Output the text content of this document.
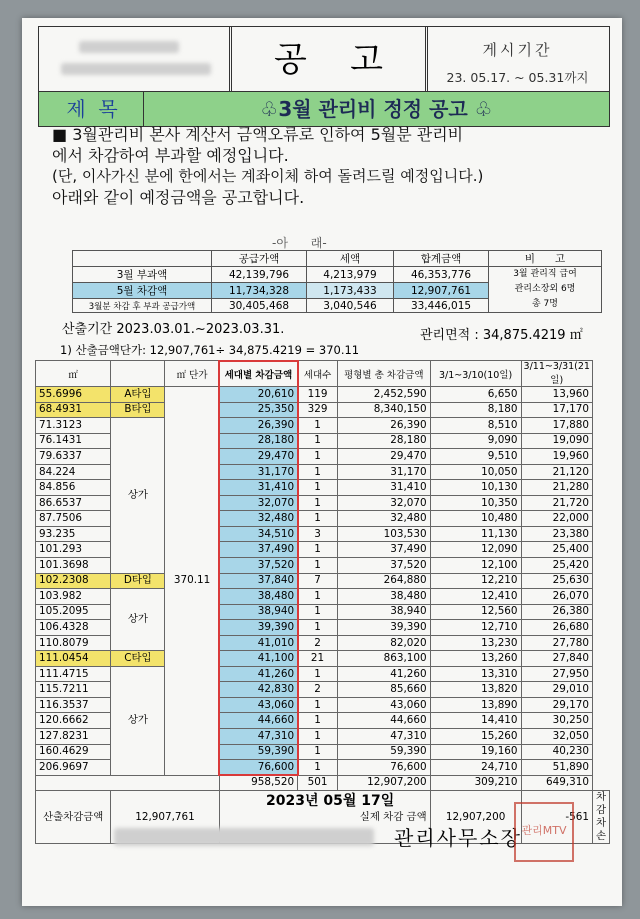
공    고	게시기간
23. 05.17. ~ 05.31까지
제  목	♧3월 관리비 정정 공고 ♧
■ 3월관리비 본사 계산서 금액오류로 인하여 5월분 관리비
에서 차감하여 부과할 예정입니다.
(단, 이사가신 분에 한에서는 계좌이체 하여 돌려드릴 예정입니다.)
아래와 같이 예정금액을 공고합니다.
-아      래-
	공급가액	세액	합계금액	비      고
3월 부과액	42,139,796	4,213,979	46,353,776	3월 관리직 급여
관리소장외 6명
총 7명

5월 차감액	11,734,328	1,173,433	12,907,761	
3월분 차감 후 부과 공급가액	30,405,468	3,040,546	33,446,015	
산출기간 2023.03.01.~2023.03.31.	관리면적 : 34,875.4219 ㎡
1) 산출금액단가: 12,907,761÷ 34,875.4219 = 370.11
㎡		㎡ 단가	세대별 차감금액	세대수	평형별 총 차감금액	3/1~3/10(10일)	3/11~3/31(21일)	
55.6996	A타입	370.11	20,610	119	2,452,590	6,650	13,960	
68.4931	B타입		25,350	329	8,340,150	8,180	17,170	
71.3123	상가		26,390	1	26,390	8,510	17,880	
76.1431			28,180	1	28,180	9,090	19,090	
79.6337			29,470	1	29,470	9,510	19,960	
84.224			31,170	1	31,170	10,050	21,120	
84.856			31,410	1	31,410	10,130	21,280	
86.6537			32,070	1	32,070	10,350	21,720	
87.7506			32,480	1	32,480	10,480	22,000	
93.235			34,510	3	103,530	11,130	23,380	
101.293			37,490	1	37,490	12,090	25,400	
101.3698			37,520	1	37,520	12,100	25,420	
102.2308	D타입		37,840	7	264,880	12,210	25,630	
103.982	상가		38,480	1	38,480	12,410	26,070	
105.2095			38,940	1	38,940	12,560	26,380	
106.4328			39,390	1	39,390	12,710	26,680	
110.8079			41,010	2	82,020	13,230	27,780	
111.0454	C타입		41,100	21	863,100	13,260	27,840	
111.4715	상가		41,260	1	41,260	13,310	27,950	
115.7211			42,830	2	85,660	13,820	29,010	
116.3537			43,060	1	43,060	13,890	29,170	
120.6662			44,660	1	44,660	14,410	30,250	
127.8231			47,310	1	47,310	15,260	32,050	
160.4629			59,390	1	59,390	19,160	40,230	
206.9697			76,600	1	76,600	24,710	51,890	
			958,520	501	12,907,200	309,210	649,310	
산출차감금액	12,907,761		실제 차감 금액			12,907,200	-561	차감 차손
2023년 05월 17일
관리사무소장 관리MTV
